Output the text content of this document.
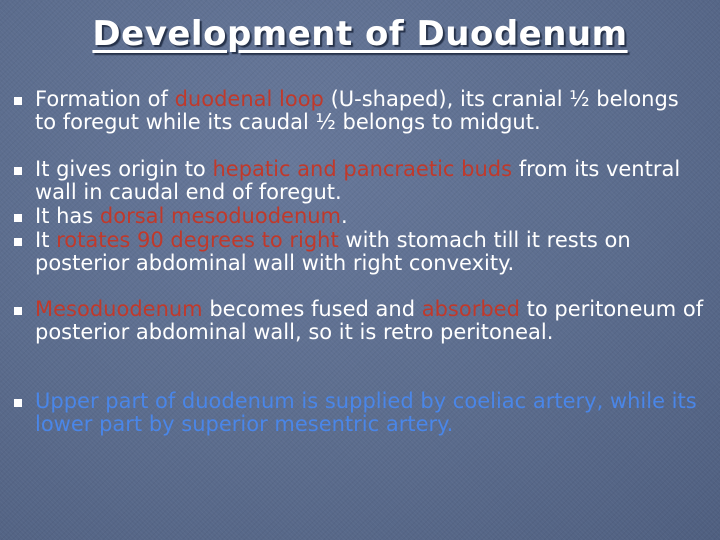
Development of Duodenum
Formation of duodenal loop (U-shaped), its cranial ½ belongs to foregut while its caudal ½ belongs to midgut.
It gives origin to hepatic and pancraetic buds from its ventral wall in caudal end of foregut.
It has dorsal mesoduodenum.
It rotates 90 degrees to right with stomach till it rests on posterior abdominal wall with right convexity.
Mesoduodenum becomes fused and absorbed to peritoneum of posterior abdominal wall, so it is retro peritoneal.
Upper part of duodenum is supplied by coeliac artery, while its lower part by superior mesentric artery.
